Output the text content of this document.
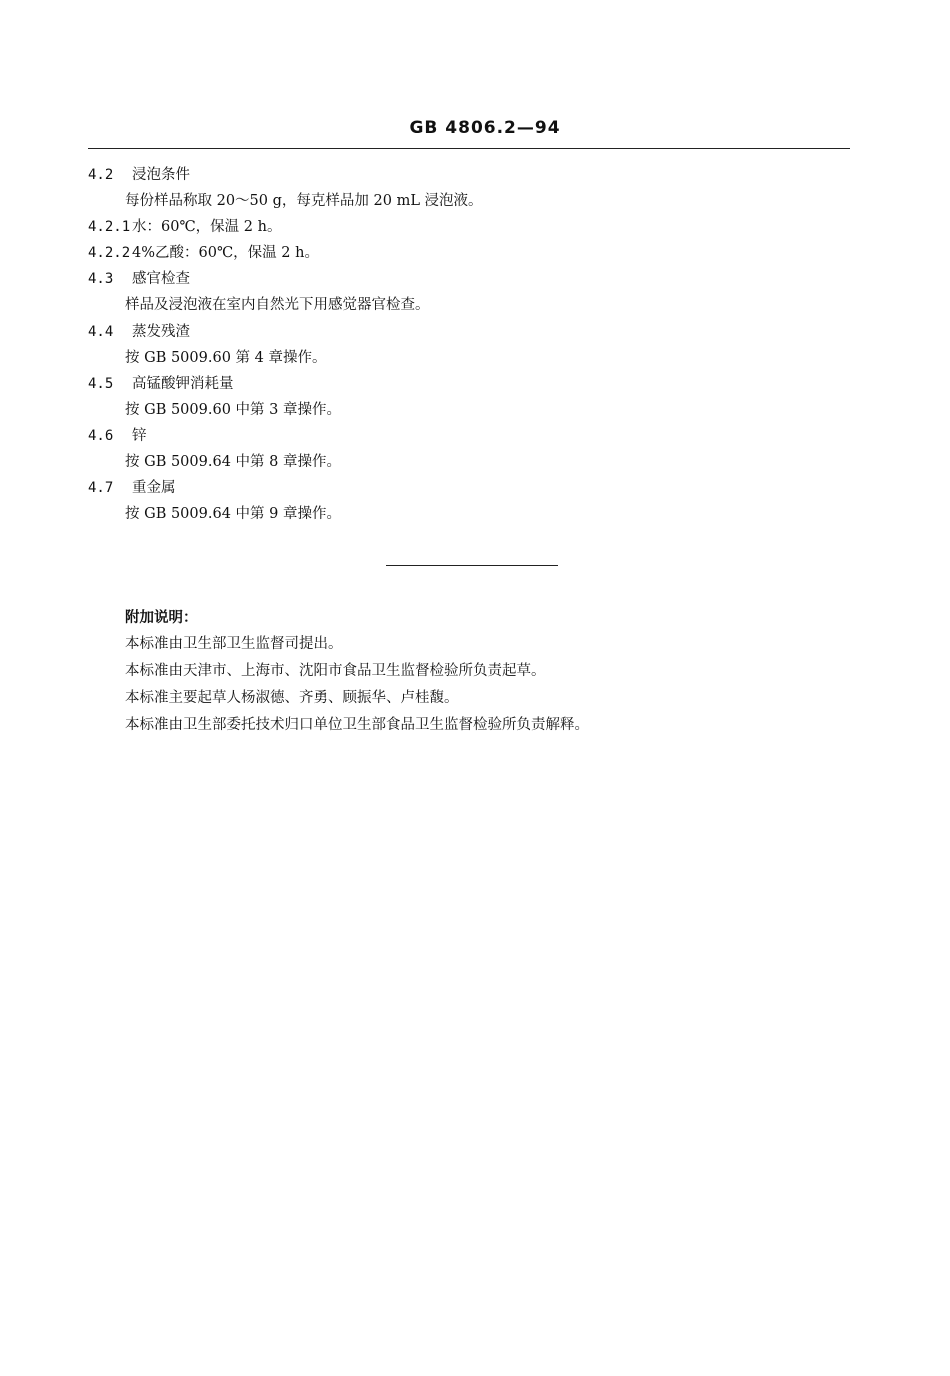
GB 4806.2—94
4.2 浸泡条件
每份样品称取 20～50 g，每克样品加 20 mL 浸泡液。
4.2.1 水：60℃，保温 2 h。
4.2.2 4%乙酸：60℃，保温 2 h。
4.3 感官检查
样品及浸泡液在室内自然光下用感觉器官检查。
4.4 蒸发残渣
按 GB 5009.60 第 4 章操作。
4.5 高锰酸钾消耗量
按 GB 5009.60 中第 3 章操作。
4.6 锌
按 GB 5009.64 中第 8 章操作。
4.7 重金属
按 GB 5009.64 中第 9 章操作。
附加说明：
本标准由卫生部卫生监督司提出。
本标准由天津市、上海市、沈阳市食品卫生监督检验所负责起草。
本标准主要起草人杨淑德、齐勇、顾振华、卢桂馥。
本标准由卫生部委托技术归口单位卫生部食品卫生监督检验所负责解释。
